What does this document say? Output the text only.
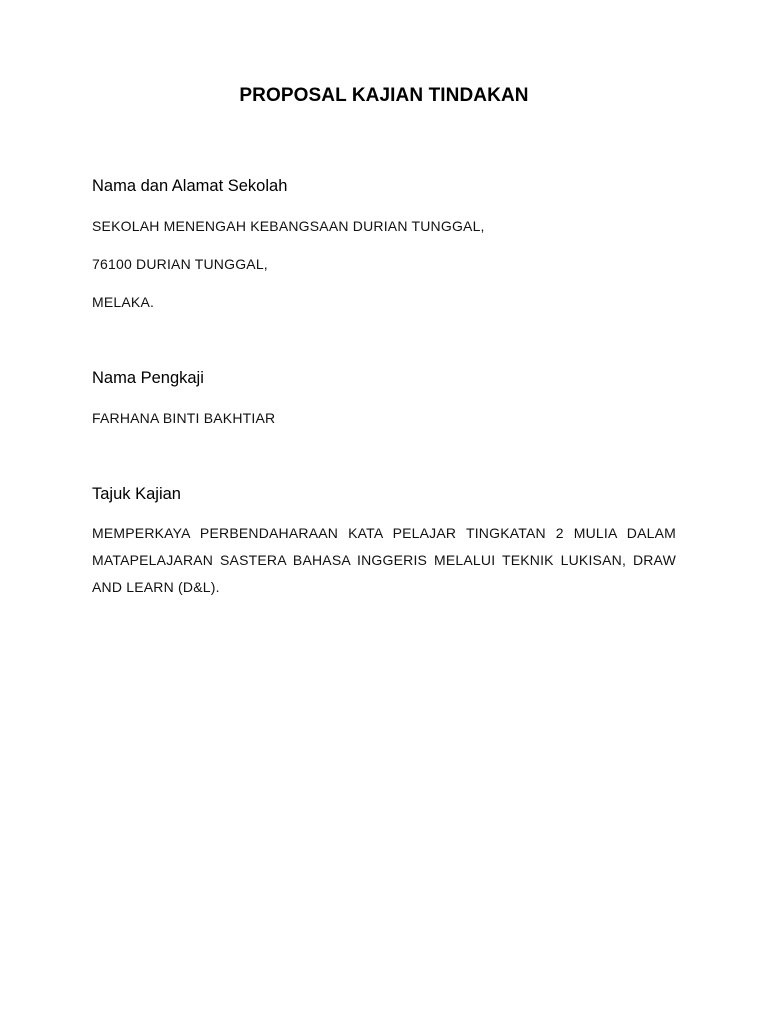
PROPOSAL KAJIAN TINDAKAN
Nama dan Alamat Sekolah
SEKOLAH MENENGAH KEBANGSAAN DURIAN TUNGGAL,
76100 DURIAN TUNGGAL,
MELAKA.
Nama Pengkaji
FARHANA BINTI BAKHTIAR
Tajuk Kajian
MEMPERKAYA PERBENDAHARAAN KATA PELAJAR TINGKATAN 2 MULIA DALAM MATAPELAJARAN SASTERA BAHASA INGGERIS MELALUI TEKNIK LUKISAN, DRAW AND LEARN (D&L).
